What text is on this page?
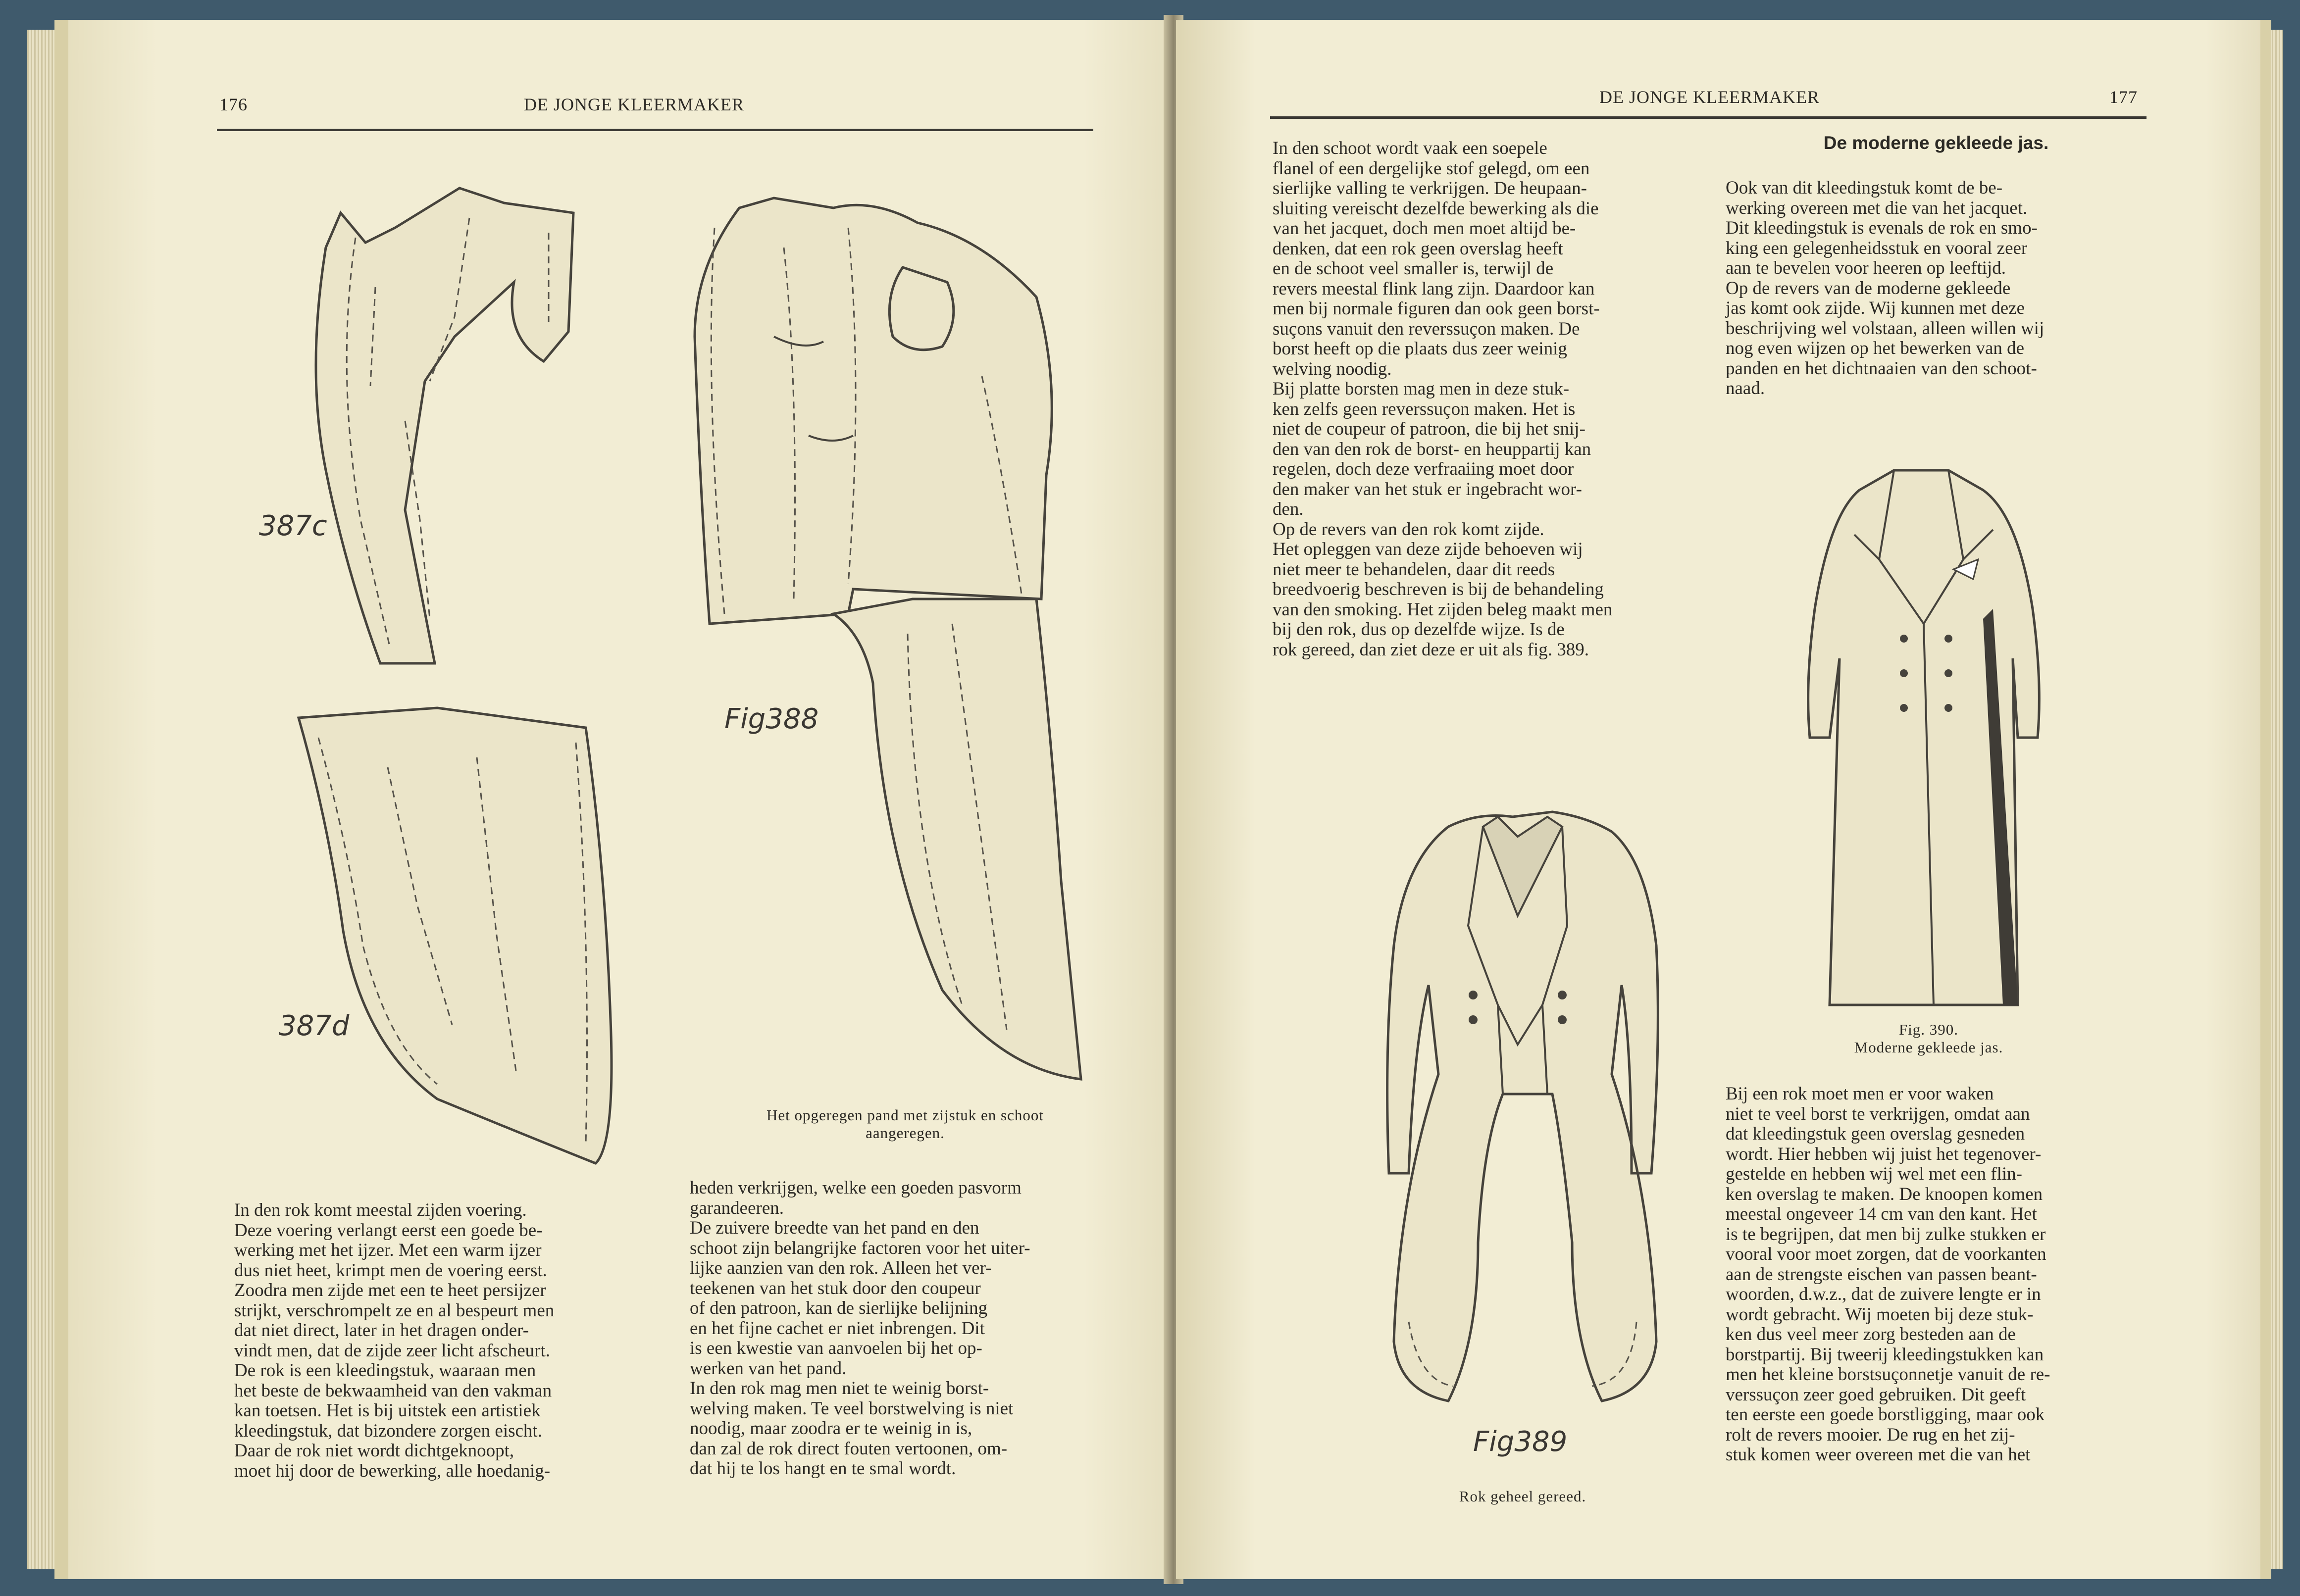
176	DE JONGE KLEERMAKER
387c
387d
Fig388
Het opgeregen pand met zijstuk en schoot
aangeregen.
In den rok komt meestal zijden voering.
Deze voering verlangt eerst een goede be-
werking met het ijzer. Met een warm ijzer
dus niet heet, krimpt men de voering eerst.
Zoodra men zijde met een te heet persijzer
strijkt, verschrompelt ze en al bespeurt men
dat niet direct, later in het dragen onder-
vindt men, dat de zijde zeer licht afscheurt.
De rok is een kleedingstuk, waaraan men
het beste de bekwaamheid van den vakman
kan toetsen. Het is bij uitstek een artistiek
kleedingstuk, dat bizondere zorgen eischt.
Daar de rok niet wordt dichtgeknoopt,
moet hij door de bewerking, alle hoedanig-
heden verkrijgen, welke een goeden pasvorm
garandeeren.
De zuivere breedte van het pand en den
schoot zijn belangrijke factoren voor het uiter-
lijke aanzien van den rok. Alleen het ver-
teekenen van het stuk door den coupeur
of den patroon, kan de sierlijke belijning
en het fijne cachet er niet inbrengen. Dit
is een kwestie van aanvoelen bij het op-
werken van het pand.
In den rok mag men niet te weinig borst-
welving maken. Te veel borstwelving is niet
noodig, maar zoodra er te weinig in is,
dan zal de rok direct fouten vertoonen, om-
dat hij te los hangt en te smal wordt.
DE JONGE KLEERMAKER	177
In den schoot wordt vaak een soepele
flanel of een dergelijke stof gelegd, om een
sierlijke valling te verkrijgen. De heupaan-
sluiting vereischt dezelfde bewerking als die
van het jacquet, doch men moet altijd be-
denken, dat een rok geen overslag heeft
en de schoot veel smaller is, terwijl de
revers meestal flink lang zijn. Daardoor kan
men bij normale figuren dan ook geen borst-
suçons vanuit den reverssuçon maken. De
borst heeft op die plaats dus zeer weinig
welving noodig.
Bij platte borsten mag men in deze stuk-
ken zelfs geen reverssuçon maken. Het is
niet de coupeur of patroon, die bij het snij-
den van den rok de borst- en heuppartij kan
regelen, doch deze verfraaiing moet door
den maker van het stuk er ingebracht wor-
den.
Op de revers van den rok komt zijde.
Het opleggen van deze zijde behoeven wij
niet meer te behandelen, daar dit reeds
breedvoerig beschreven is bij de behandeling
van den smoking. Het zijden beleg maakt men
bij den rok, dus op dezelfde wijze. Is de
rok gereed, dan ziet deze er uit als fig. 389.
De moderne gekleede jas.
Ook van dit kleedingstuk komt de be-
werking overeen met die van het jacquet.
Dit kleedingstuk is evenals de rok en smo-
king een gelegenheidsstuk en vooral zeer
aan te bevelen voor heeren op leeftijd.
Op de revers van de moderne gekleede
jas komt ook zijde. Wij kunnen met deze
beschrijving wel volstaan, alleen willen wij
nog even wijzen op het bewerken van de
panden en het dichtnaaien van den schoot-
naad.
Fig389
Rok geheel gereed.
Fig. 390.
Moderne gekleede jas.
Bij een rok moet men er voor waken
niet te veel borst te verkrijgen, omdat aan
dat kleedingstuk geen overslag gesneden
wordt. Hier hebben wij juist het tegenover-
gestelde en hebben wij wel met een flin-
ken overslag te maken. De knoopen komen
meestal ongeveer 14 cm van den kant. Het
is te begrijpen, dat men bij zulke stukken er
vooral voor moet zorgen, dat de voorkanten
aan de strengste eischen van passen beant-
woorden, d.w.z., dat de zuivere lengte er in
wordt gebracht. Wij moeten bij deze stuk-
ken dus veel meer zorg besteden aan de
borstpartij. Bij tweerij kleedingstukken kan
men het kleine borstsuçonnetje vanuit de re-
verssuçon zeer goed gebruiken. Dit geeft
ten eerste een goede borstligging, maar ook
rolt de revers mooier. De rug en het zij-
stuk komen weer overeen met die van het
